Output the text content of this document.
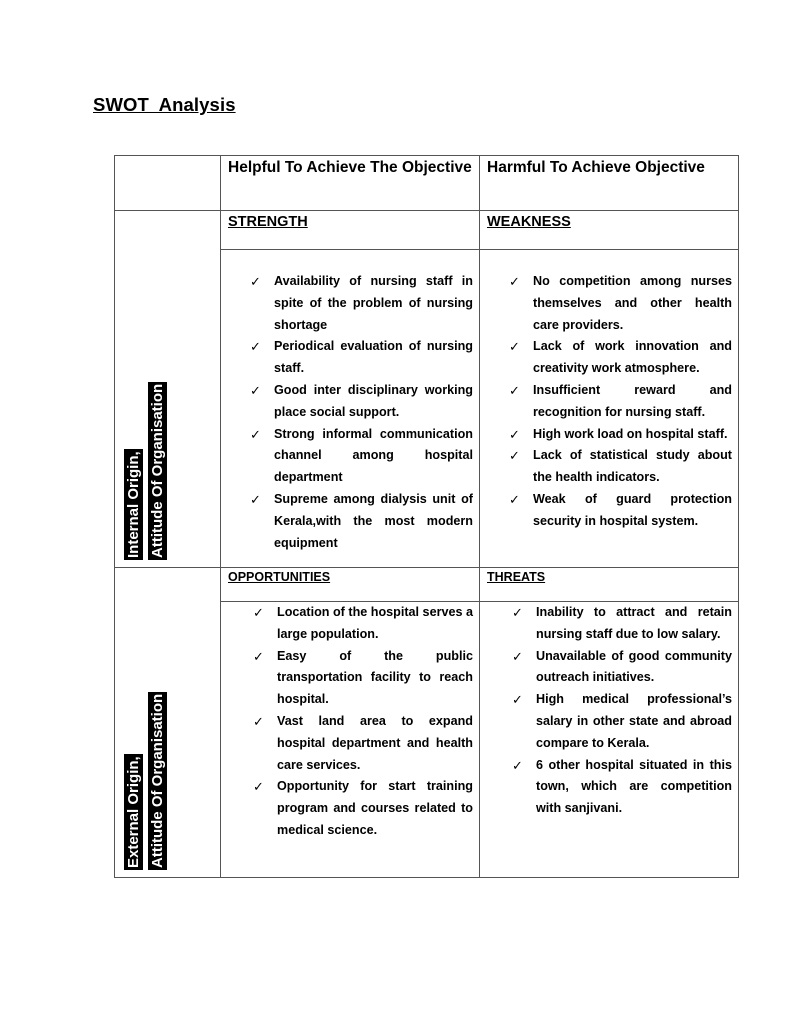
SWOT  Analysis
Helpful To Achieve The Objective Harmful To Achieve Objective
STRENGTH	WEAKNESS
Internal Origin, Attitude Of Organisation
✓ Availability of nursing staff in spite of the problem of nursing shortage
✓ Periodical evaluation of nursing staff.
✓ Good inter disciplinary working place social support.
✓ Strong informal communication channel among hospital department
✓ Supreme among dialysis unit of Kerala,with the most modern equipment
✓ No competition among nurses themselves and other health care providers.
✓ Lack of work innovation and creativity work atmosphere.
✓ Insufficient reward and recognition for nursing staff.
✓ High work load on hospital staff.
✓ Lack of statistical study about the health indicators.
✓ Weak of guard protection security in hospital system.
OPPORTUNITIES	THREATS
External Origin, Attitude Of Organisation
✓ Location of the hospital serves a large population.
✓ Easy of the public transportation facility to reach hospital.
✓ Vast land area to expand hospital department and health care services.
✓ Opportunity for start training program and courses related to medical science.
✓ Inability to attract and retain nursing staff due to low salary.
✓ Unavailable of good community outreach initiatives.
✓ High medical professional’s salary in other state and abroad compare to Kerala.
✓ 6 other hospital situated in this town, which are competition with sanjivani.
